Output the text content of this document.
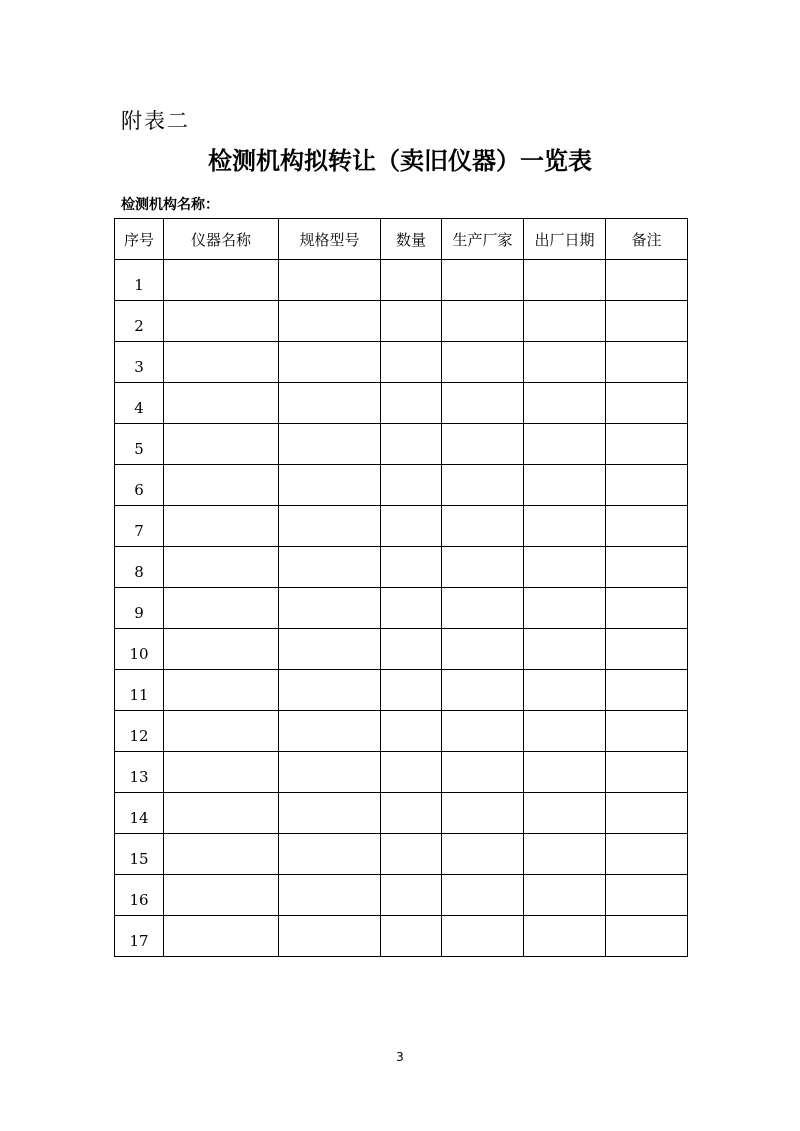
附表二
检测机构拟转让（卖旧仪器）一览表
检测机构名称：
序号	仪器名称	规格型号	数量	生产厂家	出厂日期	备注
1						
2						
3						
4						
5						
6						
7						
8						
9						
10						
11						
12						
13						
14						
15						
16						
17						
3
